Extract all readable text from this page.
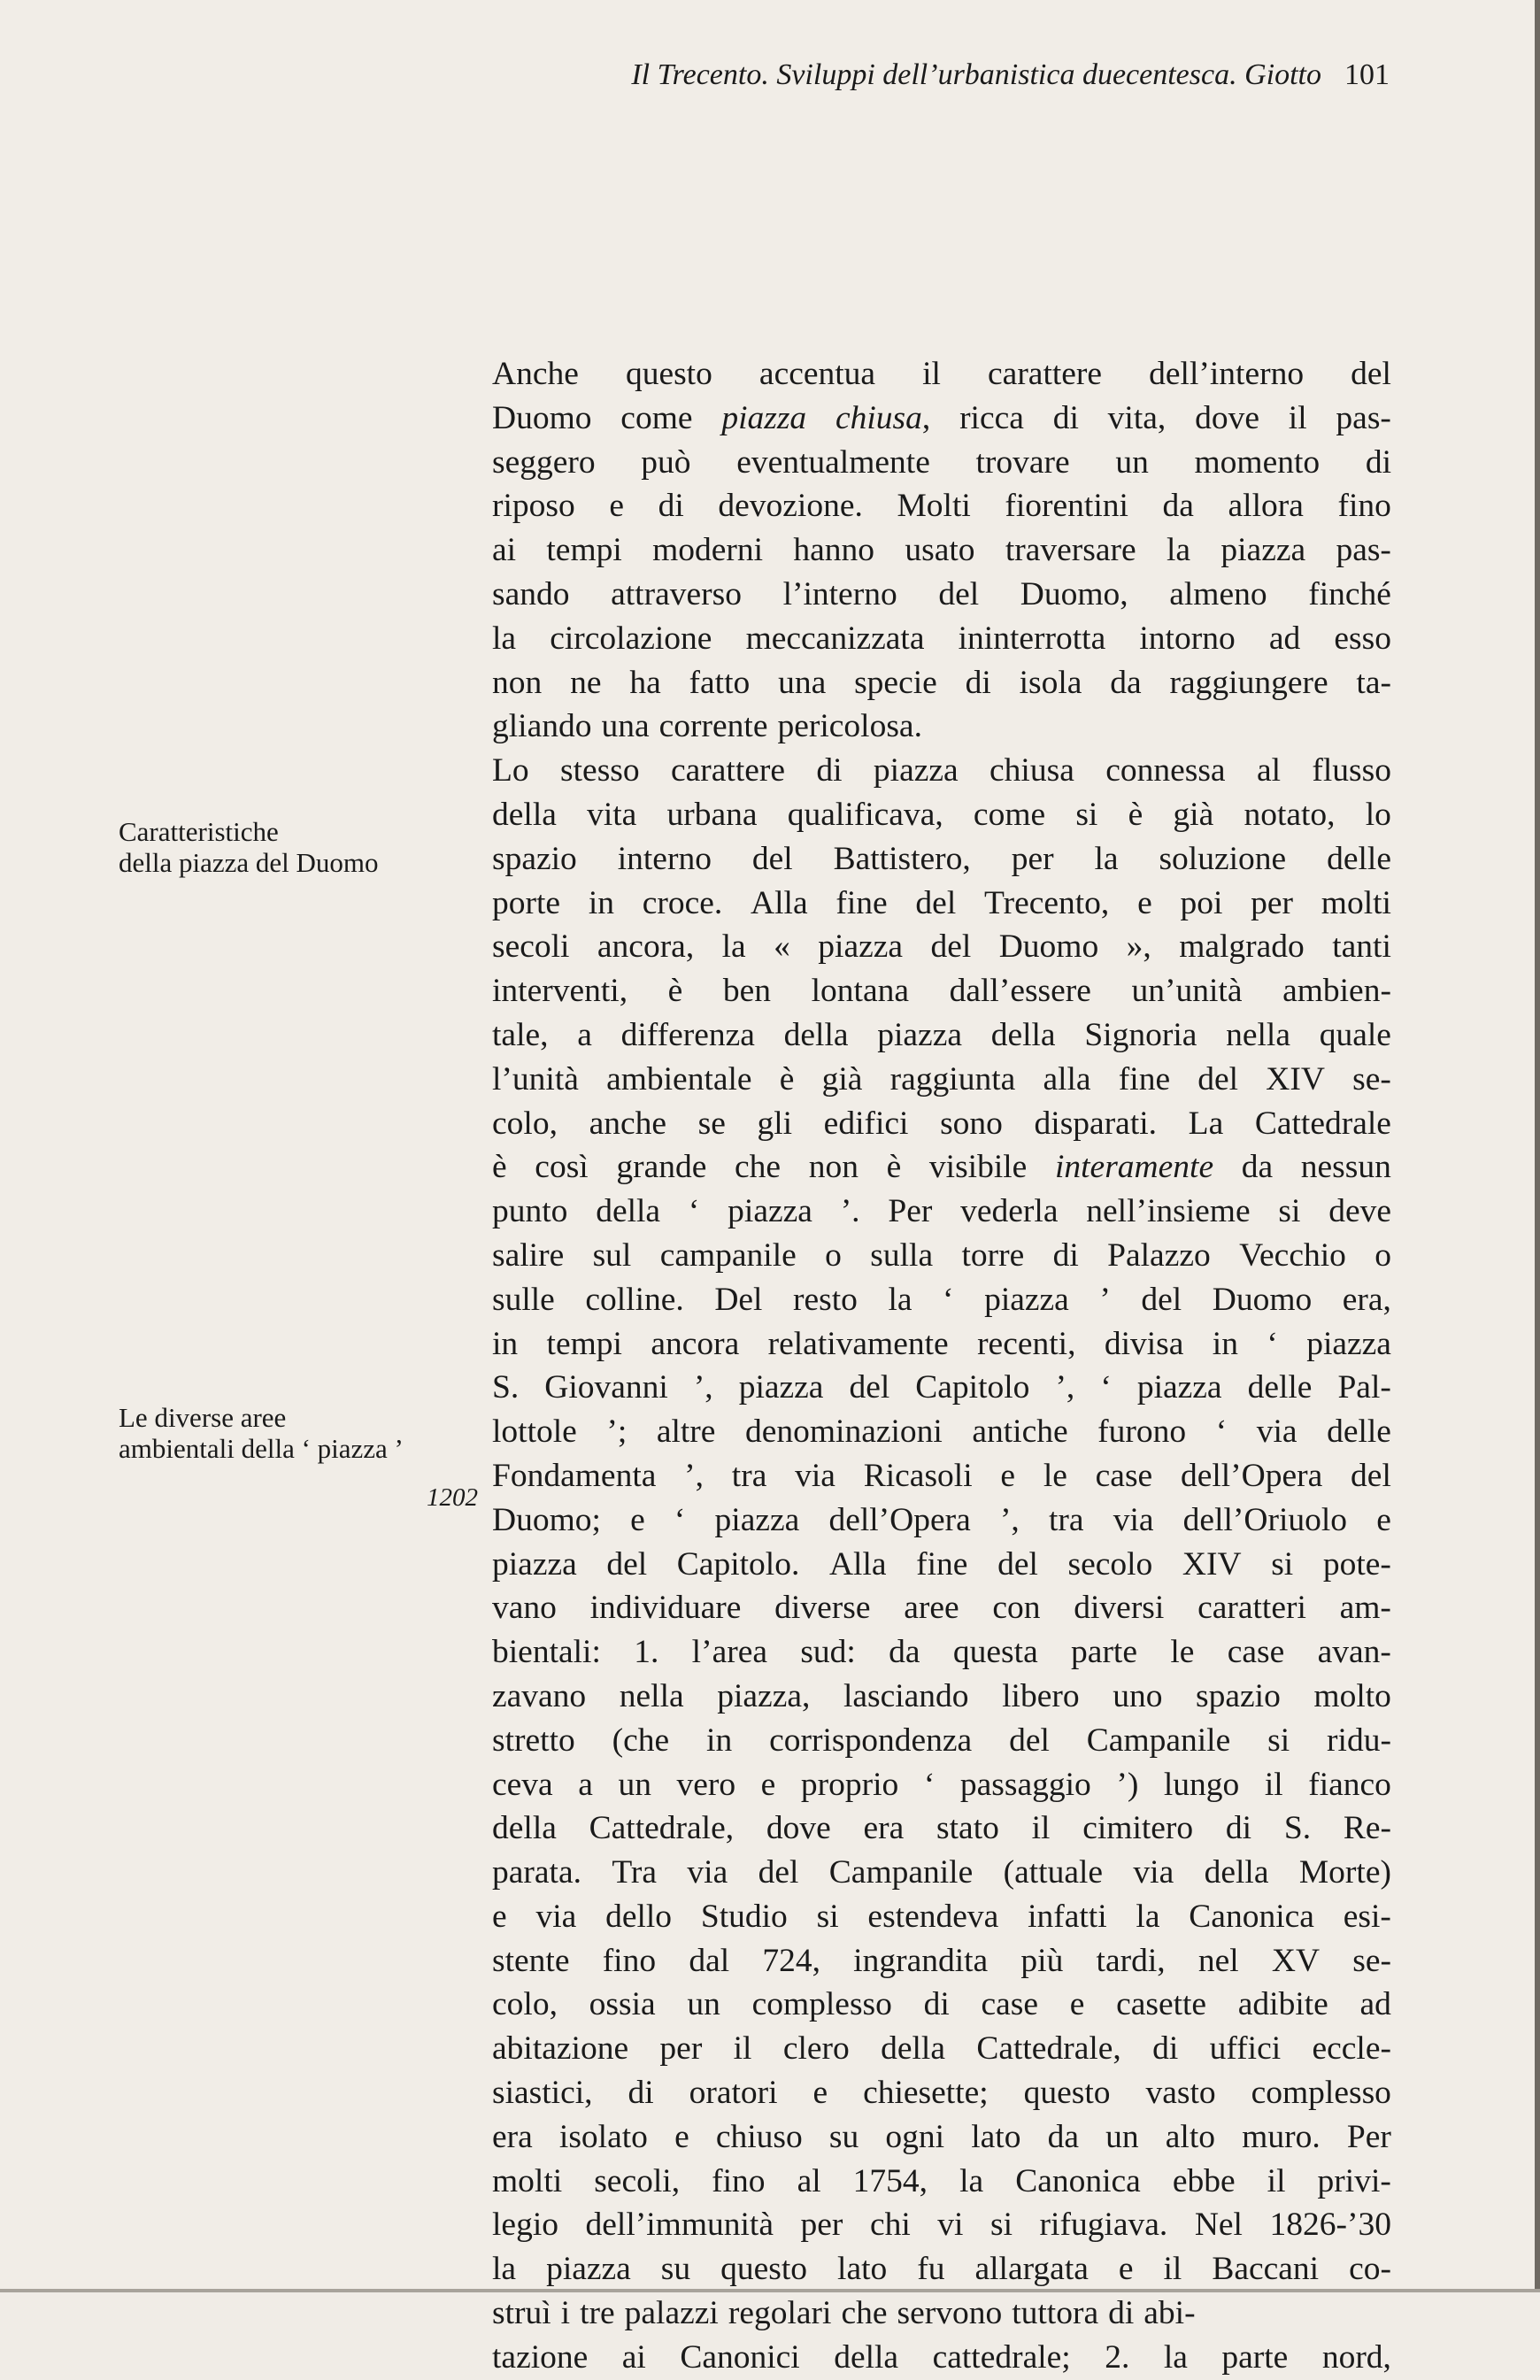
Il Trecento. Sviluppi dell’urbanistica duecentesca. Giotto 101
Caratteristiche
della piazza del Duomo
Le diverse aree
ambientali della ‘ piazza ’
1202
Anche questo accentua il carattere dell’interno del
Duomo come piazza chiusa, ricca di vita, dove il pas-
seggero può eventualmente trovare un momento di
riposo e di devozione. Molti fiorentini da allora fino
ai tempi moderni hanno usato traversare la piazza pas-
sando attraverso l’interno del Duomo, almeno finché
la circolazione meccanizzata ininterrotta intorno ad esso
non ne ha fatto una specie di isola da raggiungere ta-
gliando una corrente pericolosa.
Lo stesso carattere di piazza chiusa connessa al flusso
della vita urbana qualificava, come si è già notato, lo
spazio interno del Battistero, per la soluzione delle
porte in croce. Alla fine del Trecento, e poi per molti
secoli ancora, la « piazza del Duomo », malgrado tanti
interventi, è ben lontana dall’essere un’unità ambien-
tale, a differenza della piazza della Signoria nella quale
l’unità ambientale è già raggiunta alla fine del XIV se-
colo, anche se gli edifici sono disparati. La Cattedrale
è così grande che non è visibile interamente da nessun
punto della ‘ piazza ’. Per vederla nell’insieme si deve
salire sul campanile o sulla torre di Palazzo Vecchio o
sulle colline. Del resto la ‘ piazza ’ del Duomo era,
in tempi ancora relativamente recenti, divisa in ‘ piazza
S. Giovanni ’, piazza del Capitolo ’, ‘ piazza delle Pal-
lottole ’; altre denominazioni antiche furono ‘ via delle
Fondamenta ’, tra via Ricasoli e le case dell’Opera del
Duomo; e ‘ piazza dell’Opera ’, tra via dell’Oriuolo e
piazza del Capitolo. Alla fine del secolo XIV si pote-
vano individuare diverse aree con diversi caratteri am-
bientali: 1. l’area sud: da questa parte le case avan-
zavano nella piazza, lasciando libero uno spazio molto
stretto (che in corrispondenza del Campanile si ridu-
ceva a un vero e proprio ‘ passaggio ’) lungo il fianco
della Cattedrale, dove era stato il cimitero di S. Re-
parata. Tra via del Campanile (attuale via della Morte)
e via dello Studio si estendeva infatti la Canonica esi-
stente fino dal 724, ingrandita più tardi, nel XV se-
colo, ossia un complesso di case e casette adibite ad
abitazione per il clero della Cattedrale, di uffici eccle-
siastici, di oratori e chiesette; questo vasto complesso
era isolato e chiuso su ogni lato da un alto muro. Per
molti secoli, fino al 1754, la Canonica ebbe il privi-
legio dell’immunità per chi vi si rifugiava. Nel 1826-’30
la piazza su questo lato fu allargata e il Baccani co-
struì i tre palazzi regolari che servono tuttora di abi-
tazione ai Canonici della cattedrale; 2. la parte nord,
